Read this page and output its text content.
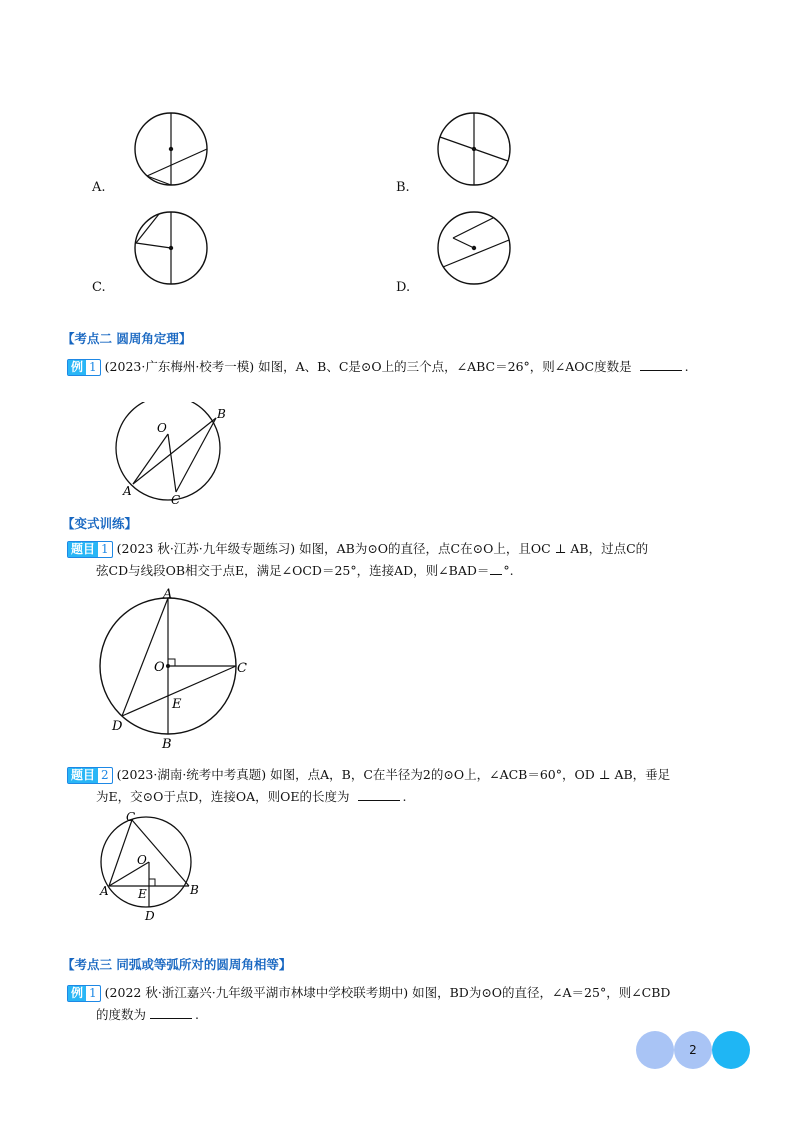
A.	B.
C.	D.
【考点二 圆周角定理】
例 1 (2023·广东梅州·校考一模) 如图，A、B、C是⊙O上的三个点，∠ABC＝26°，则∠AOC度数是	.
O
A
B
C
【变式训练】
题目 1 (2023 秋·江苏·九年级专题练习) 如图，AB为⊙O的直径，点C在⊙O上，且OC ⊥ AB，过点C的
弦CD与线段OB相交于点E，满足∠OCD＝25°，连接AD，则∠BAD＝ °.
A
O	C
E
D
B
题目 2 (2023·湖南·统考中考真题) 如图，点A，B，C在半径为2的⊙O上，∠ACB＝60°，OD ⊥ AB，垂足
为E，交⊙O于点D，连接OA，则OE的长度为	.
C
O
A E	B
D
【考点三 同弧或等弧所对的圆周角相等】
例 1 (2022 秋·浙江嘉兴·九年级平湖市林埭中学校联考期中) 如图，BD为⊙O的直径，∠A＝25°，则∠CBD
的度数为	.
2
